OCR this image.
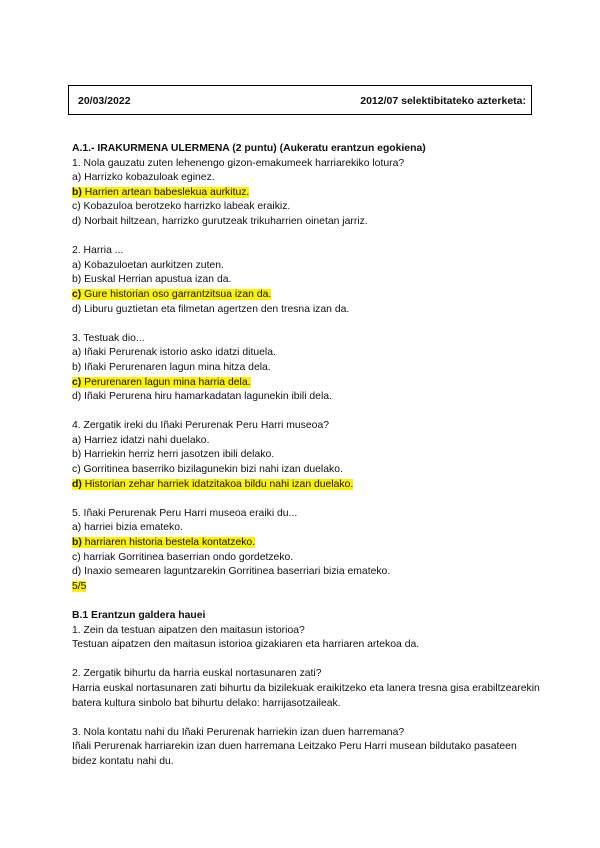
20/03/2022	2012/07 selektibitateko azterketa:

A.1.- IRAKURMENA ULERMENA (2 puntu) (Aukeratu erantzun egokiena)

1. Nola gauzatu zuten lehenengo gizon-emakumeek harriarekiko lotura?

a) Harrizko kobazuloak eginez.

b) Harrien artean babeslekua aurkituz.

c) Kobazuloa berotzeko harrizko labeak eraikiz.

d) Norbait hiltzean, harrizko gurutzeak trikuharrien oinetan jarriz.

2. Harria ...

a) Kobazuloetan aurkitzen zuten.

b) Euskal Herrian apustua izan da.

c) Gure historian oso garrantzitsua izan da.

d) Liburu guztietan eta filmetan agertzen den tresna izan da.

3. Testuak dio...

a) Iñaki Perurenak istorio asko idatzi dituela.

b) Iñaki Perurenaren lagun mina hitza dela.

c) Perurenaren lagun mina harria dela.

d) Iñaki Perurena hiru hamarkadatan lagunekin ibili dela.

4. Zergatik ireki du Iñaki Perurenak Peru Harri museoa?

a) Harriez idatzi nahi duelako.

b) Harriekin herriz herri jasotzen ibili delako.

c) Gorritinea baserriko bizilagunekin bizi nahi izan duelako.

d) Historian zehar harriek idatzitakoa bildu nahi izan duelako.

5. Iñaki Perurenak Peru Harri museoa eraiki du...

a) harriei bizia emateko.

b) harriaren historia bestela kontatzeko.

c) harriak Gorritinea baserrian ondo gordetzeko.

d) Inaxio semearen laguntzarekin Gorritinea baserriari bizia emateko.

5/5

B.1 Erantzun galdera hauei

1. Zein da testuan aipatzen den maitasun istorioa?

Testuan aipatzen den maitasun istorioa gizakiaren eta harriaren artekoa da.

2. Zergatik bihurtu da harria euskal nortasunaren zati?

Harria euskal nortasunaren zati bihurtu da bizilekuak eraikitzeko eta lanera tresna gisa erabiltzearekin batera kultura sinbolo bat bihurtu delako: harrijasotzaileak.

3. Nola kontatu nahi du Iñaki Perurenak harriekin izan duen harremana?

Iñali Perurenak harriarekin izan duen harremana Leitzako Peru Harri musean bildutako pasateen bidez kontatu nahi du.
